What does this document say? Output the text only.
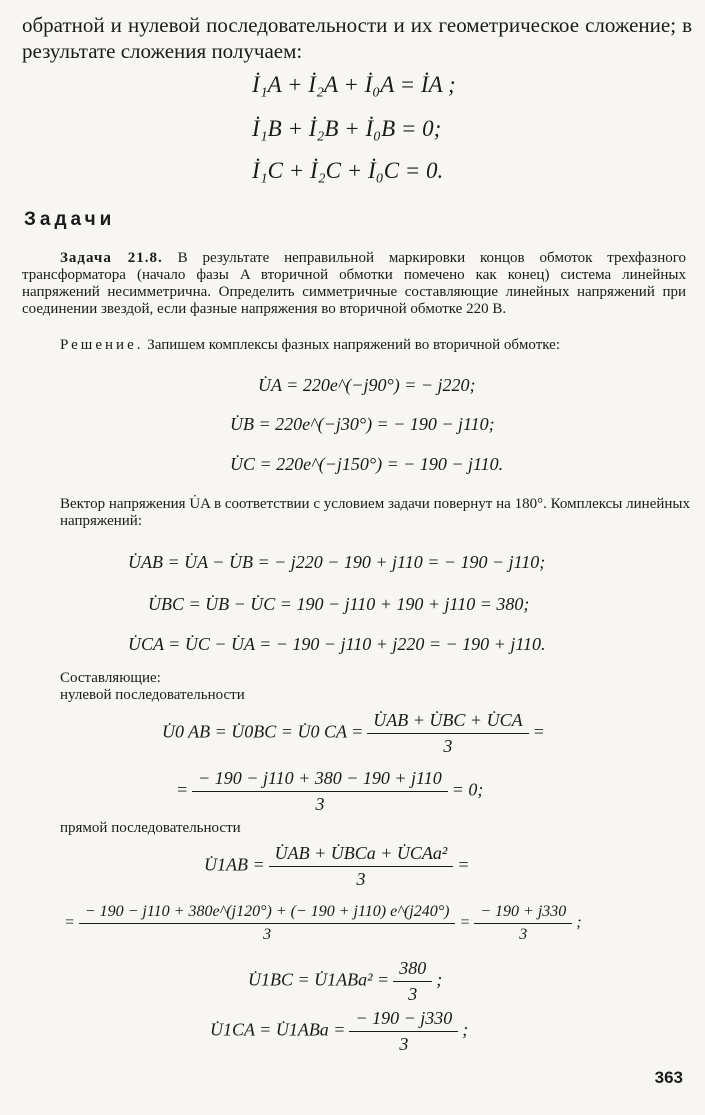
обратной и нулевой последовательности и их геометрическое сложение; в результате сложения получаем:
İ₁A + İ₂A + İ₀A = İA ;
İ₁B + İ₂B + İ₀B = 0;
İ₁C + İ₂C + İ₀C = 0.
Задачи
Задача 21.8. В результате неправильной маркировки концов обмоток трехфазного трансформатора (начало фазы A вторичной обмотки помечено как конец) система линейных напряжений несимметрична. Определить симметричные составляющие линейных напряжений при соединении звездой, если фазные напряжения во вторичной обмотке 220 В.
Решение. Запишем комплексы фазных напряжений во вторичной обмотке:
U̇A = 220e^(−j90°) = − j220;
U̇B = 220e^(−j30°) = − 190 − j110;
U̇C = 220e^(−j150°) = − 190 − j110.
Вектор напряжения U̇A в соответствии с условием задачи повернут на 180°. Комплексы линейных напряжений:
U̇AB = U̇A − U̇B = − j220 − 190 + j110 = − 190 − j110;
U̇BC = U̇B − U̇C = 190 − j110 + 190 + j110 = 380;
U̇CA = U̇C − U̇A = − 190 − j110 + j220 = − 190 + j110.
Составляющие:
нулевой последовательности
U̇0 AB = U̇0BC = U̇0 CA = $\frac{U̇AB + U̇BC + U̇CA}{3}$ =
= $\frac{- 190 - j110 + 380 - 190 + j110}{3} = 0$;
прямой последовательности
U̇1AB = $\frac{\text{U̇AB + U̇BCa + U̇CAa²}}{3}$ =
= $\frac{- 190 - j110 + 380e\^{}(j120^\circ) + (- 190 + j110) e\^{}(j240^\circ)}{3} = \frac{- 190 + j330}{3}$ ;
U̇1BC = U̇1ABa² = $\frac{380}{3}$ ;
U̇1CA = U̇1ABa = $\frac{- 190 - j330}{3}$ ;
363
